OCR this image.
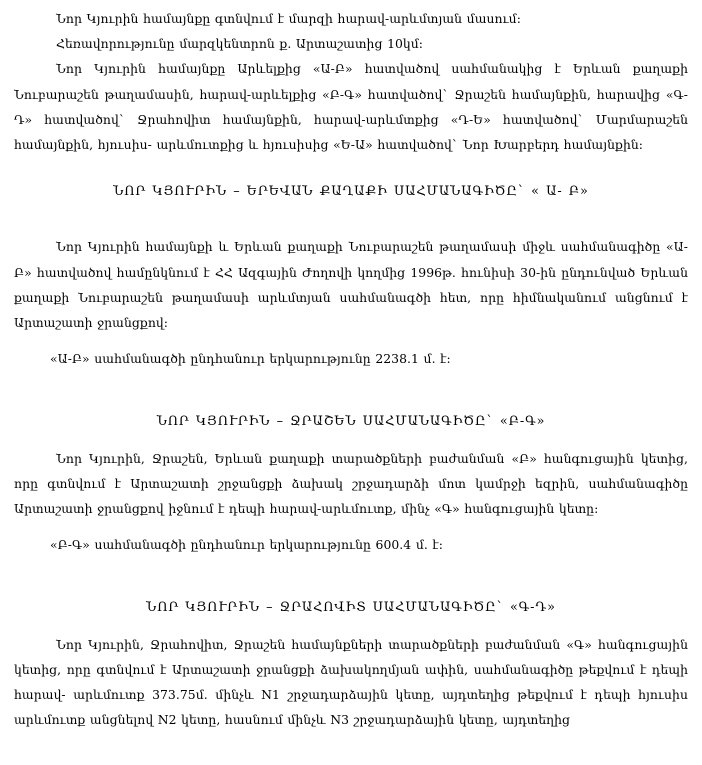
Նոր Կյուրին համայնքը գտնվում է մարզի հարավ-արևմտյան մասում:

Հեռավորությունը մարզկենտրոն ք. Արտաշատից 10կմ:

Նոր Կյուրին համայնքը Արևելքից «Ա-Բ» հատվածով սահմանակից է Երևան քաղաքի Նուբարաշեն թաղամասին, հարավ-արևելքից «Բ-Գ» հատվածով` Ջրաշեն համայնքին, հարավից «Գ-Դ» հատվածով` Ջրահովիտ համայնքին, հարավ-արևմտքից «Դ-Ե» հատվածով` Մարմարաշեն համայնքին, հյուսիս- արևմուտքից և հյուսիսից «Ե-Ա» հատվածով` Նոր Խարբերդ համայնքին:

ՆՈՐ ԿՅՈՒՐԻՆ – ԵՐԵՎԱՆ ՔԱՂԱՔԻ ՍԱՀՄԱՆԱԳԻԾԸ` « Ա- Բ»

Նոր Կյուրին համայնքի և Երևան քաղաքի Նուբարաշեն թաղամասի միջև սահմանագիծը «Ա-Բ» հատվածով համընկնում է ՀՀ Ազգային Ժողովի կողմից 1996թ. հունիսի 30-ին ընդունված Երևան քաղաքի Նուբարաշեն թաղամասի արևմտյան սահմանագծի հետ, որը հիմնականում անցնում է Արտաշատի ջրանցքով:

«Ա-Բ» սահմանագծի ընդհանուր երկարությունը 2238.1 մ. է:

ՆՈՐ ԿՅՈՒՐԻՆ – ՋՐԱՇԵՆ ՍԱՀՄԱՆԱԳԻԾԸ` «Բ-Գ»

Նոր Կյուրին, Ջրաշեն, Երևան քաղաքի տարածքների բաժանման «Բ» հանգուցային կետից, որը գտնվում է Արտաշատի շրջանցքի ձախակ շրջադարձի մոտ կամրջի եզրին, սահմանագիծը Արտաշատի ջրանցքով իջնում է դեպի հարավ-արևմուտք, մինչ «Գ» հանգուցային կետը:

«Բ-Գ» սահմանագծի ընդհանուր երկարությունը 600.4 մ. է:

ՆՈՐ ԿՅՈՒՐԻՆ – ՋՐԱՀՈՎԻՏ ՍԱՀՄԱՆԱԳԻԾԸ` «Գ-Դ»

Նոր Կյուրին, Ջրահովիտ, Ջրաշեն համայնքների տարածքների բաժանման «Գ» հանգուցային կետից, որը գտնվում է Արտաշատի ջրանցքի ձախակողմյան ափին, սահմանագիծը թեքվում է դեպի հարավ- արևմուտք 373.75մ. մինչև N1 շրջադարձային կետը, այդտեղից թեքվում է դեպի հյուսիս արևմուտք անցնելով N2 կետը, հասնում մինչև N3 շրջադարձային կետը, այդտեղից
